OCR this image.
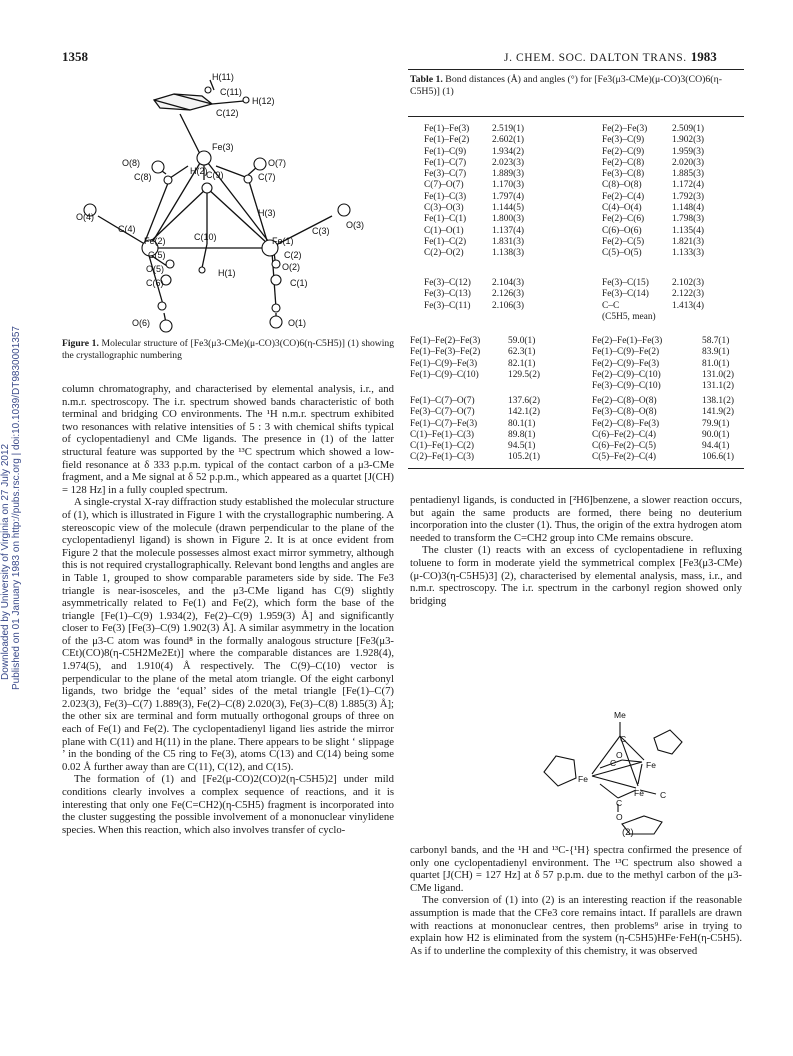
1358	J. CHEM. SOC. DALTON TRANS. 1983
Downloaded by University of Virginia on 27 July 2012 Published on 01 January 1983 on http://pubs.rsc.org | doi:10.1039/DT9830001357
H(11)
C(11)
H(12)
C(12)
Fe(3)
O(8)
C(8)
O(7)
C(7)
H(2)
C(9)
H(3)
O(4)
O(3)
C(4)	C(3)
Fe(2)	C(10)	Fe(1)
C(5)	C(2)
O(5)	H(1)
O(2)
C(6)	C(1)
O(6)	O(1)
Figure 1. Molecular structure of [Fe3(μ3-CMe)(μ-CO)3(CO)6(η-C5H5)] (1) showing the crystallographic numbering

column chromatography, and characterised by elemental analysis, i.r., and n.m.r. spectroscopy. The i.r. spectrum showed bands characteristic of both terminal and bridging CO environments. The ¹H n.m.r. spectrum exhibited two resonances with relative intensities of 5 : 3 with chemical shifts typical of cyclopentadienyl and CMe ligands. The presence in (1) of the latter structural feature was supported by the ¹³C spectrum which showed a low-field resonance at δ 333 p.p.m. typical of the contact carbon of a μ3-CMe fragment, and a Me signal at δ 52 p.p.m., which appeared as a quartet [J(CH) = 128 Hz] in a fully coupled spectrum.

A single-crystal X-ray diffraction study established the molecular structure of (1), which is illustrated in Figure 1 with the crystallographic numbering. A stereoscopic view of the molecule (drawn perpendicular to the plane of the cyclopentadienyl ligand) is shown in Figure 2. It is at once evident from Figure 2 that the molecule possesses almost exact mirror symmetry, although this is not required crystallographically. Relevant bond lengths and angles are in Table 1, grouped to show comparable parameters side by side. The Fe3 triangle is near-isosceles, and the μ3-CMe ligand has C(9) slightly asymmetrically related to Fe(1) and Fe(2), which form the base of the triangle [Fe(1)–C(9) 1.934(2), Fe(2)–C(9) 1.959(3) Å] and significantly closer to Fe(3) [Fe(3)–C(9) 1.902(3) Å]. A similar asymmetry in the location of the μ3-C atom was found⁸ in the formally analogous structure [Fe3(μ3-CEt)(CO)8(η-C5H2Me2Et)] where the comparable distances are 1.928(4), 1.974(5), and 1.910(4) Å respectively. The C(9)–C(10) vector is perpendicular to the plane of the metal atom triangle. Of the eight carbonyl ligands, two bridge the ‘equal’ sides of the metal triangle [Fe(1)–C(7) 2.023(3), Fe(3)–C(7) 1.889(3), Fe(2)–C(8) 2.020(3), Fe(3)–C(8) 1.885(3) Å]; the other six are terminal and form mutually orthogonal groups of three on each of Fe(1) and Fe(2). The cyclopentadienyl ligand lies astride the mirror plane with C(11) and H(11) in the plane. There appears to be slight ‘ slippage ’ in the bonding of the C5 ring to Fe(3), atoms C(13) and C(14) being some 0.02 Å further away than are C(11), C(12), and C(15).

The formation of (1) and [Fe2(μ-CO)2(CO)2(η-C5H5)2] under mild conditions clearly involves a complex sequence of reactions, and it is interesting that only one Fe(C=CH2)(η-C5H5) fragment is incorporated into the cluster suggesting the possible involvement of a mononuclear vinylidene species. When this reaction, which also involves transfer of cyclo-

Table 1. Bond distances (Å) and angles (°) for [Fe3(μ3-CMe)(μ-CO)3(CO)6(η-C5H5)] (1)
Fe(1)–Fe(3)	2.519(1)	Fe(2)–Fe(3)	2.509(1)
Fe(1)–Fe(2)	2.602(1)	Fe(3)–C(9)	1.902(3)
Fe(1)–C(9)	1.934(2)	Fe(2)–C(9)	1.959(3)
Fe(1)–C(7)	2.023(3)	Fe(2)–C(8)	2.020(3)
Fe(3)–C(7)	1.889(3)	Fe(3)–C(8)	1.885(3)
C(7)–O(7)	1.170(3)	C(8)–O(8)	1.172(4)
Fe(1)–C(3)	1.797(4)	Fe(2)–C(4)	1.792(3)
C(3)–O(3)	1.144(5)	C(4)–O(4)	1.148(4)
Fe(1)–C(1)	1.800(3)	Fe(2)–C(6)	1.798(3)
C(1)–O(1)	1.137(4)	C(6)–O(6)	1.135(4)
Fe(1)–C(2)	1.831(3)	Fe(2)–C(5)	1.821(3)
C(2)–O(2)	1.138(3)	C(5)–O(5)	1.133(3)
Fe(3)–C(12)	2.104(3)	Fe(3)–C(15)	2.102(3)
Fe(3)–C(13)	2.126(3)	Fe(3)–C(14)	2.122(3)
Fe(3)–C(11)	2.106(3)	C–C	1.413(4)
		(C5H5, mean)	
Fe(1)–Fe(2)–Fe(3)	59.0(1)	Fe(2)–Fe(1)–Fe(3)	58.7(1)
Fe(1)–Fe(3)–Fe(2)	62.3(1)	Fe(1)–C(9)–Fe(2)	83.9(1)
Fe(1)–C(9)–Fe(3)	82.1(1)	Fe(2)–C(9)–Fe(3)	81.0(1)
Fe(1)–C(9)–C(10)	129.5(2)	Fe(2)–C(9)–C(10)	131.0(2)
		Fe(3)–C(9)–C(10)	131.1(2)
Fe(1)–C(7)–O(7)	137.6(2)	Fe(2)–C(8)–O(8)	138.1(2)
Fe(3)–C(7)–O(7)	142.1(2)	Fe(3)–C(8)–O(8)	141.9(2)
Fe(1)–C(7)–Fe(3)	80.1(1)	Fe(2)–C(8)–Fe(3)	79.9(1)
C(1)–Fe(1)–C(3)	89.8(1)	C(6)–Fe(2)–C(4)	90.0(1)
C(1)–Fe(1)–C(2)	94.5(1)	C(6)–Fe(2)–C(5)	94.4(1)
C(2)–Fe(1)–C(3)	105.2(1)	C(5)–Fe(2)–C(4)	106.6(1)

pentadienyl ligands, is conducted in [²H6]benzene, a slower reaction occurs, but again the same products are formed, there being no deuterium incorporation into the cluster (1). Thus, the origin of the extra hydrogen atom needed to transform the C=CH2 group into CMe remains obscure.

The cluster (1) reacts with an excess of cyclopentadiene in refluxing toluene to form in moderate yield the symmetrical complex [Fe3(μ3-CMe)(μ-CO)3(η-C5H5)3] (2), characterised by elemental analysis, mass, i.r., and n.m.r. spectroscopy. The i.r. spectrum in the carbonyl region showed only bridging

Me
C
O
C	Fe
Fe
Fe C
C
O
(2)

carbonyl bands, and the ¹H and ¹³C-{¹H} spectra confirmed the presence of only one cyclopentadienyl environment. The ¹³C spectrum also showed a quartet [J(CH) = 127 Hz] at δ 57 p.p.m. due to the methyl carbon of the μ3-CMe ligand.

The conversion of (1) into (2) is an interesting reaction if the reasonable assumption is made that the CFe3 core remains intact. If parallels are drawn with reactions at mononuclear centres, then problems⁹ arise in trying to explain how H2 is eliminated from the system (η-C5H5)HFe·FeH(η-C5H5). As if to underline the complexity of this chemistry, it was observed
